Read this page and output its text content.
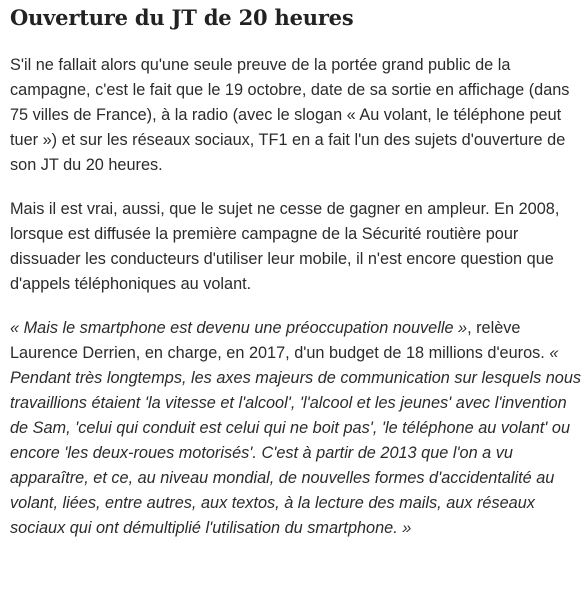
Ouverture du JT de 20 heures

S'il ne fallait alors qu'une seule preuve de la portée grand public de la campagne, c'est le fait que le 19 octobre, date de sa sortie en affichage (dans 75 villes de France), à la radio (avec le slogan « Au volant, le téléphone peut tuer ») et sur les réseaux sociaux, TF1 en a fait l'un des sujets d'ouverture de son JT du 20 heures.

Mais il est vrai, aussi, que le sujet ne cesse de gagner en ampleur. En 2008, lorsque est diffusée la première campagne de la Sécurité routière pour dissuader les conducteurs d'utiliser leur mobile, il n'est encore question que d'appels téléphoniques au volant.

« Mais le smartphone est devenu une préoccupation nouvelle », relève Laurence Derrien, en charge, en 2017, d'un budget de 18 millions d'euros. « Pendant très longtemps, les axes majeurs de communication sur lesquels nous travaillions étaient 'la vitesse et l'alcool', 'l'alcool et les jeunes' avec l'invention de Sam, 'celui qui conduit est celui qui ne boit pas', 'le téléphone au volant' ou encore 'les deux-roues motorisés'. C'est à partir de 2013 que l'on a vu apparaître, et ce, au niveau mondial, de nouvelles formes d'accidentalité au volant, liées, entre autres, aux textos, à la lecture des mails, aux réseaux sociaux qui ont démultiplié l'utilisation du smartphone. »
